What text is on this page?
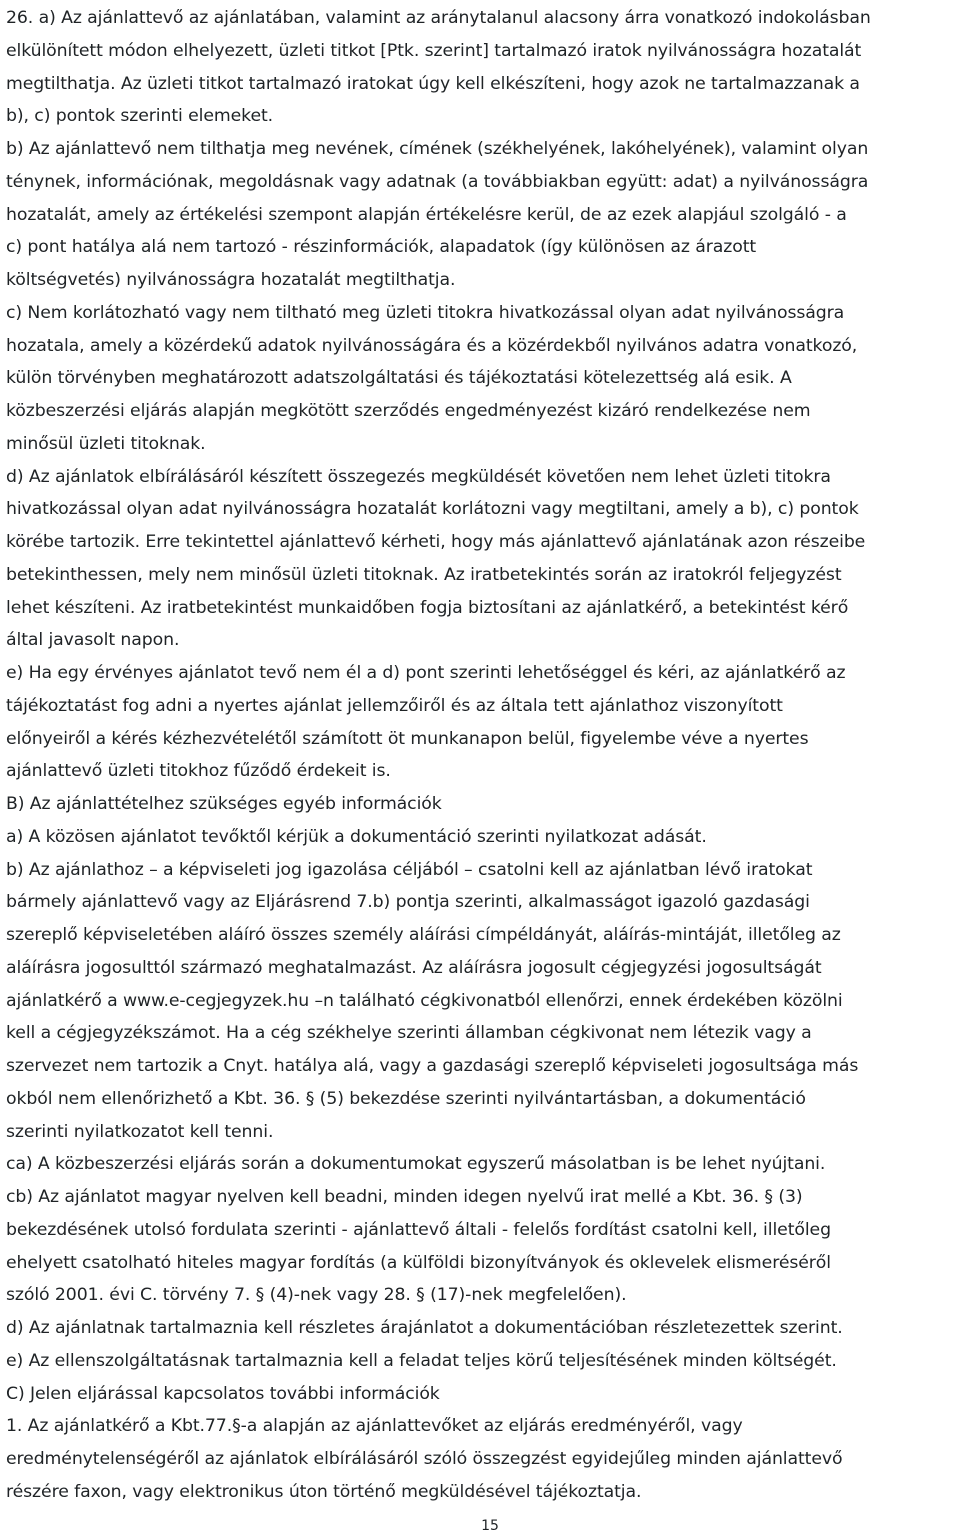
26. a) Az ajánlattevő az ajánlatában, valamint az aránytalanul alacsony árra vonatkozó indokolásban
elkülönített módon elhelyezett, üzleti titkot [Ptk. szerint] tartalmazó iratok nyilvánosságra hozatalát
megtilthatja. Az üzleti titkot tartalmazó iratokat úgy kell elkészíteni, hogy azok ne tartalmazzanak a
b), c) pontok szerinti elemeket.
b) Az ajánlattevő nem tilthatja meg nevének, címének (székhelyének, lakóhelyének), valamint olyan
ténynek, információnak, megoldásnak vagy adatnak (a továbbiakban együtt: adat) a nyilvánosságra
hozatalát, amely az értékelési szempont alapján értékelésre kerül, de az ezek alapjául szolgáló - a
c) pont hatálya alá nem tartozó - részinformációk, alapadatok (így különösen az árazott
költségvetés) nyilvánosságra hozatalát megtilthatja.
c) Nem korlátozható vagy nem tiltható meg üzleti titokra hivatkozással olyan adat nyilvánosságra
hozatala, amely a közérdekű adatok nyilvánosságára és a közérdekből nyilvános adatra vonatkozó,
külön törvényben meghatározott adatszolgáltatási és tájékoztatási kötelezettség alá esik. A
közbeszerzési eljárás alapján megkötött szerződés engedményezést kizáró rendelkezése nem
minősül üzleti titoknak.
d) Az ajánlatok elbírálásáról készített összegezés megküldését követően nem lehet üzleti titokra
hivatkozással olyan adat nyilvánosságra hozatalát korlátozni vagy megtiltani, amely a b), c) pontok
körébe tartozik. Erre tekintettel ajánlattevő kérheti, hogy más ajánlattevő ajánlatának azon részeibe
betekinthessen, mely nem minősül üzleti titoknak. Az iratbetekintés során az iratokról feljegyzést
lehet készíteni. Az iratbetekintést munkaidőben fogja biztosítani az ajánlatkérő, a betekintést kérő
által javasolt napon.
e) Ha egy érvényes ajánlatot tevő nem él a d) pont szerinti lehetőséggel és kéri, az ajánlatkérő az
tájékoztatást fog adni a nyertes ajánlat jellemzőiről és az általa tett ajánlathoz viszonyított
előnyeiről a kérés kézhezvételétől számított öt munkanapon belül, figyelembe véve a nyertes
ajánlattevő üzleti titokhoz fűződő érdekeit is.
B) Az ajánlattételhez szükséges egyéb információk
a) A közösen ajánlatot tevőktől kérjük a dokumentáció szerinti nyilatkozat adását.
b) Az ajánlathoz – a képviseleti jog igazolása céljából – csatolni kell az ajánlatban lévő iratokat
bármely ajánlattevő vagy az Eljárásrend 7.b) pontja szerinti, alkalmasságot igazoló gazdasági
szereplő képviseletében aláíró összes személy aláírási címpéldányát, aláírás-mintáját, illetőleg az
aláírásra jogosulttól származó meghatalmazást. Az aláírásra jogosult cégjegyzési jogosultságát
ajánlatkérő a www.e-cegjegyzek.hu –n található cégkivonatból ellenőrzi, ennek érdekében közölni
kell a cégjegyzékszámot. Ha a cég székhelye szerinti államban cégkivonat nem létezik vagy a
szervezet nem tartozik a Cnyt. hatálya alá, vagy a gazdasági szereplő képviseleti jogosultsága más
okból nem ellenőrizhető a Kbt. 36. § (5) bekezdése szerinti nyilvántartásban, a dokumentáció
szerinti nyilatkozatot kell tenni.
ca) A közbeszerzési eljárás során a dokumentumokat egyszerű másolatban is be lehet nyújtani.
cb) Az ajánlatot magyar nyelven kell beadni, minden idegen nyelvű irat mellé a Kbt. 36. § (3)
bekezdésének utolsó fordulata szerinti - ajánlattevő általi - felelős fordítást csatolni kell, illetőleg
ehelyett csatolható hiteles magyar fordítás (a külföldi bizonyítványok és oklevelek elismeréséről
szóló 2001. évi C. törvény 7. § (4)-nek vagy 28. § (17)-nek megfelelően).
d) Az ajánlatnak tartalmaznia kell részletes árajánlatot a dokumentációban részletezettek szerint.
e) Az ellenszolgáltatásnak tartalmaznia kell a feladat teljes körű teljesítésének minden költségét.
C) Jelen eljárással kapcsolatos további információk
1. Az ajánlatkérő a Kbt.77.§-a alapján az ajánlattevőket az eljárás eredményéről, vagy
eredménytelenségéről az ajánlatok elbírálásáról szóló összegzést egyidejűleg minden ajánlattevő
részére faxon, vagy elektronikus úton történő megküldésével tájékoztatja.
15
